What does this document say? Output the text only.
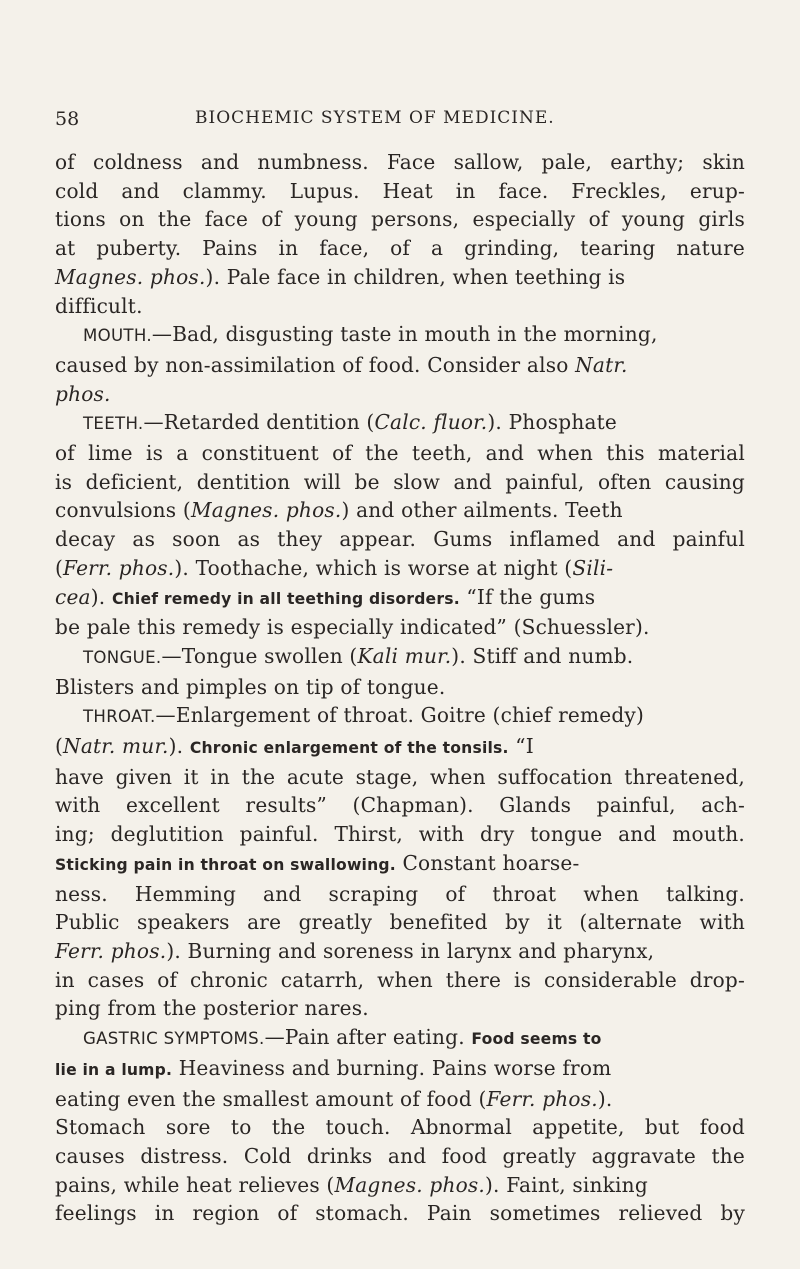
58	BIOCHEMIC SYSTEM OF MEDICINE.
of coldness and numbness. Face sallow, pale, earthy; skin
cold and clammy. Lupus. Heat in face. Freckles, erup-
tions on the face of young persons, especially of young girls
at puberty. Pains in face, of a grinding, tearing nature
Magnes. phos.). Pale face in children, when teething is
difficult.
MOUTH.—Bad, disgusting taste in mouth in the morning,
caused by non-assimilation of food. Consider also Natr.
phos.
TEETH.—Retarded dentition (Calc. fluor.). Phosphate
of lime is a constituent of the teeth, and when this material
is deficient, dentition will be slow and painful, often causing
convulsions (Magnes. phos.) and other ailments. Teeth
decay as soon as they appear. Gums inflamed and painful
(Ferr. phos.). Toothache, which is worse at night (Sili-
cea). Chief remedy in all teething disorders. “If the gums
be pale this remedy is especially indicated” (Schuessler).
TONGUE.—Tongue swollen (Kali mur.). Stiff and numb.
Blisters and pimples on tip of tongue.
THROAT.—Enlargement of throat. Goitre (chief remedy)
(Natr. mur.). Chronic enlargement of the tonsils. “I
have given it in the acute stage, when suffocation threatened,
with excellent results” (Chapman). Glands painful, ach-
ing; deglutition painful. Thirst, with dry tongue and mouth.
Sticking pain in throat on swallowing. Constant hoarse-
ness. Hemming and scraping of throat when talking.
Public speakers are greatly benefited by it (alternate with
Ferr. phos.). Burning and soreness in larynx and pharynx,
in cases of chronic catarrh, when there is considerable drop-
ping from the posterior nares.
GASTRIC SYMPTOMS.—Pain after eating. Food seems to
lie in a lump. Heaviness and burning. Pains worse from
eating even the smallest amount of food (Ferr. phos.).
Stomach sore to the touch. Abnormal appetite, but food
causes distress. Cold drinks and food greatly aggravate the
pains, while heat relieves (Magnes. phos.). Faint, sinking
feelings in region of stomach. Pain sometimes relieved by
